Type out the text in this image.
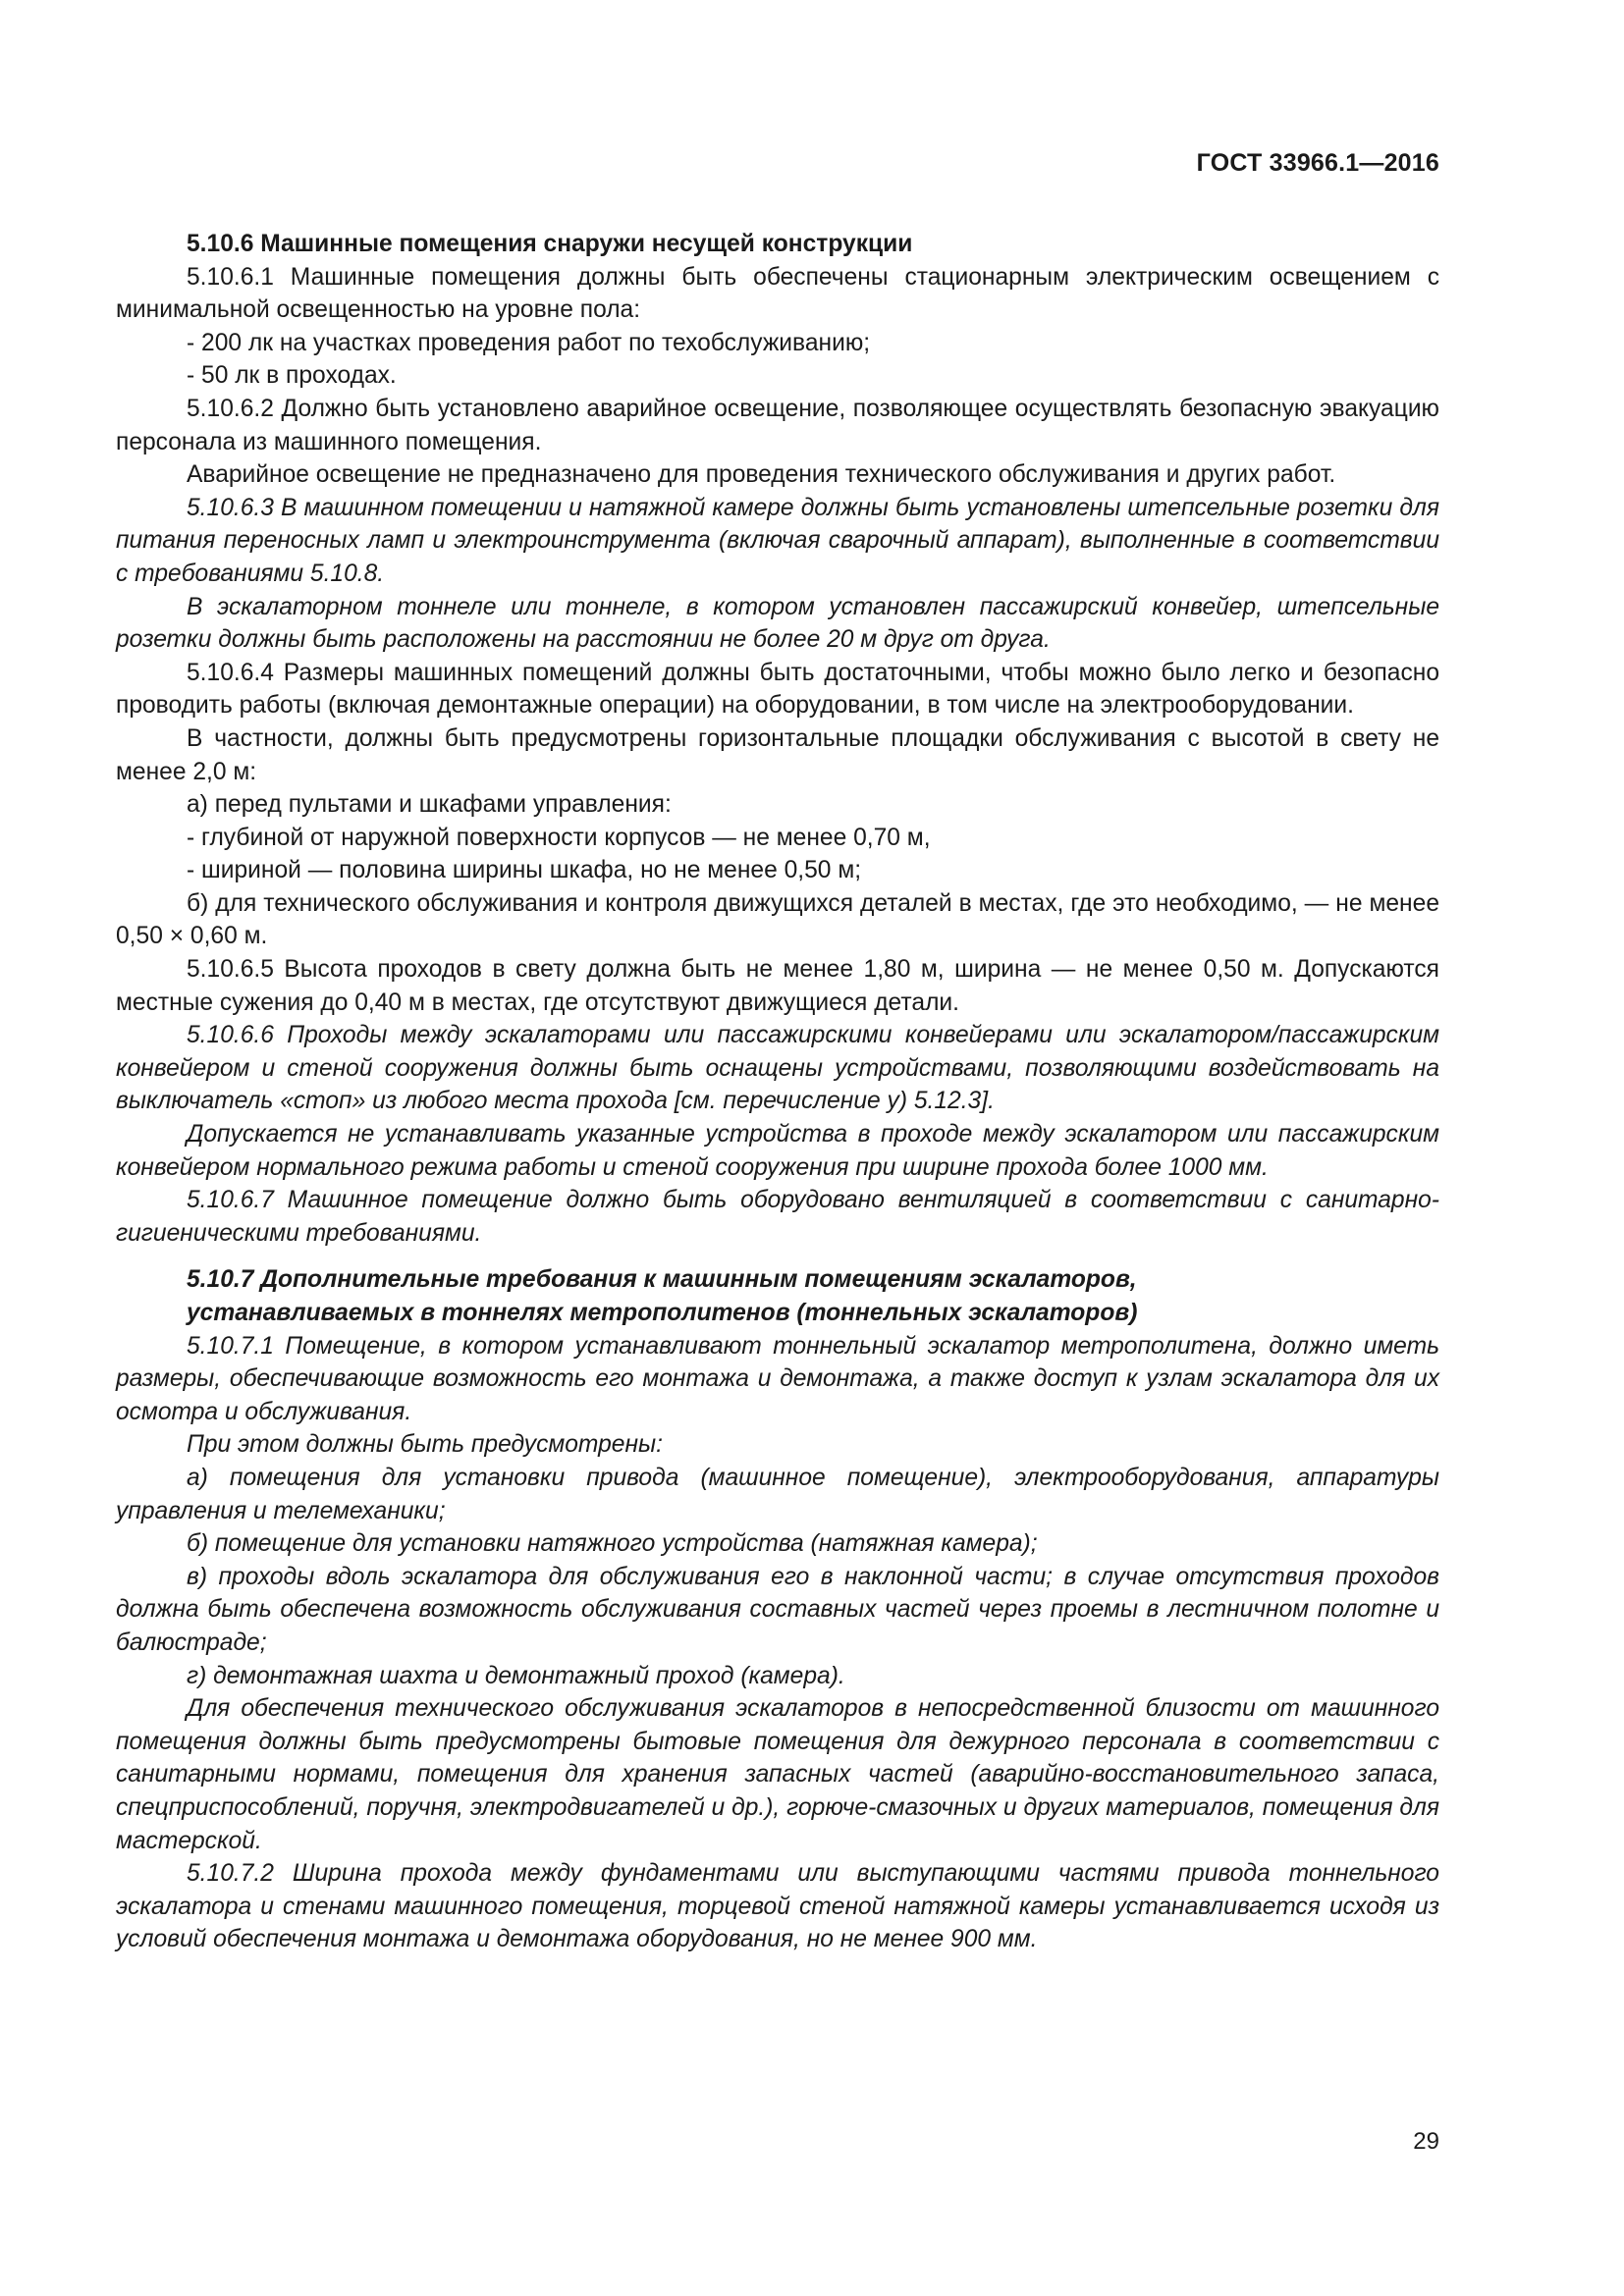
ГОСТ 33966.1—2016
5.10.6 Машинные помещения снаружи несущей конструкции

5.10.6.1 Машинные помещения должны быть обеспечены стационарным электрическим освещением с минимальной освещенностью на уровне пола:

- 200 лк на участках проведения работ по техобслуживанию;

- 50 лк в проходах.

5.10.6.2 Должно быть установлено аварийное освещение, позволяющее осуществлять безопасную эвакуацию персонала из машинного помещения.

Аварийное освещение не предназначено для проведения технического обслуживания и других работ.

5.10.6.3 В машинном помещении и натяжной камере должны быть установлены штепсельные розетки для питания переносных ламп и электроинструмента (включая сварочный аппарат), выполненные в соответствии с требованиями 5.10.8.

В эскалаторном тоннеле или тоннеле, в котором установлен пассажирский конвейер, штепсельные розетки должны быть расположены на расстоянии не более 20 м друг от друга.

5.10.6.4 Размеры машинных помещений должны быть достаточными, чтобы можно было легко и безопасно проводить работы (включая демонтажные операции) на оборудовании, в том числе на электрооборудовании.

В частности, должны быть предусмотрены горизонтальные площадки обслуживания с высотой в свету не менее 2,0 м:

а) перед пультами и шкафами управления:

- глубиной от наружной поверхности корпусов — не менее 0,70 м,

- шириной — половина ширины шкафа, но не менее 0,50 м;

б) для технического обслуживания и контроля движущихся деталей в местах, где это необходимо, — не менее 0,50 × 0,60 м.

5.10.6.5 Высота проходов в свету должна быть не менее 1,80 м, ширина — не менее 0,50 м. Допускаются местные сужения до 0,40 м в местах, где отсутствуют движущиеся детали.

5.10.6.6 Проходы между эскалаторами или пассажирскими конвейерами или эскалатором/пассажирским конвейером и стеной сооружения должны быть оснащены устройствами, позволяющими воздействовать на выключатель «стоп» из любого места прохода [см. перечисление у) 5.12.3].

Допускается не устанавливать указанные устройства в проходе между эскалатором или пассажирским конвейером нормального режима работы и стеной сооружения при ширине прохода более 1000 мм.

5.10.6.7 Машинное помещение должно быть оборудовано вентиляцией в соответствии с санитарно-гигиеническими требованиями.

5.10.7 Дополнительные требования к машинным помещениям эскалаторов,
устанавливаемых в тоннелях метрополитенов (тоннельных эскалаторов)

5.10.7.1 Помещение, в котором устанавливают тоннельный эскалатор метрополитена, должно иметь размеры, обеспечивающие возможность его монтажа и демонтажа, а также доступ к узлам эскалатора для их осмотра и обслуживания.

При этом должны быть предусмотрены:

а) помещения для установки привода (машинное помещение), электрооборудования, аппаратуры управления и телемеханики;

б) помещение для установки натяжного устройства (натяжная камера);

в) проходы вдоль эскалатора для обслуживания его в наклонной части; в случае отсутствия проходов должна быть обеспечена возможность обслуживания составных частей через проемы в лестничном полотне и балюстраде;

г) демонтажная шахта и демонтажный проход (камера).

Для обеспечения технического обслуживания эскалаторов в непосредственной близости от машинного помещения должны быть предусмотрены бытовые помещения для дежурного персонала в соответствии с санитарными нормами, помещения для хранения запасных частей (аварийно-восстановительного запаса, спецприспособлений, поручня, электродвигателей и др.), горюче-смазочных и других материалов, помещения для мастерской.

5.10.7.2 Ширина прохода между фундаментами или выступающими частями привода тоннельного эскалатора и стенами машинного помещения, торцевой стеной натяжной камеры устанавливается исходя из условий обеспечения монтажа и демонтажа оборудования, но не менее 900 мм.

29
